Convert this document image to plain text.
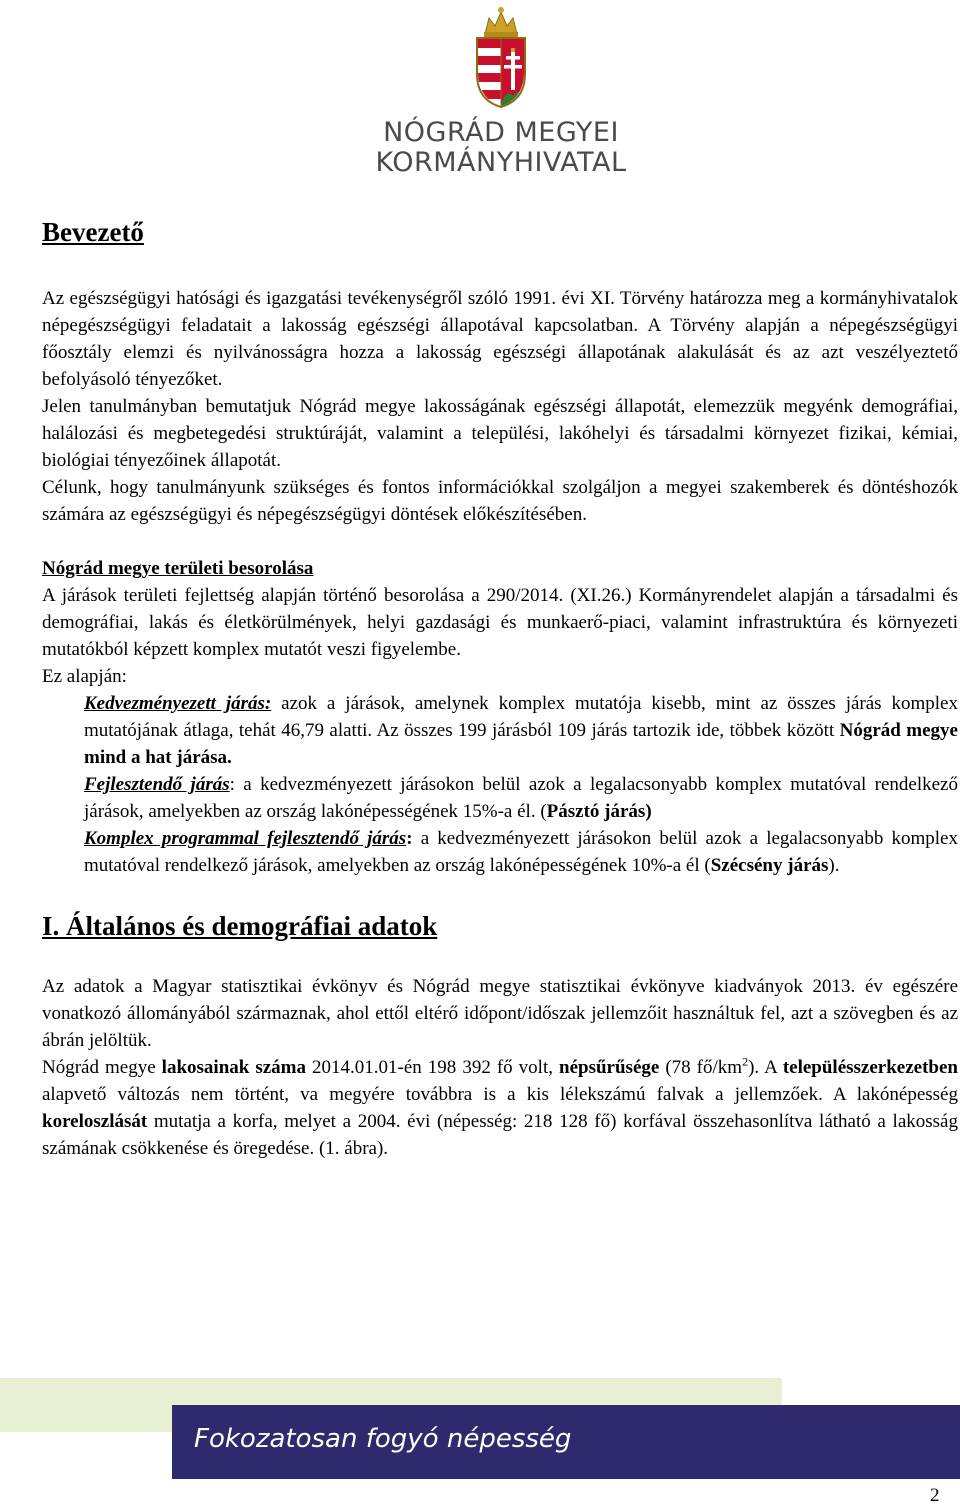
NÓGRÁD MEGYEI
KORMÁNYHIVATAL
Bevezető

Az egészségügyi hatósági és igazgatási tevékenységről szóló 1991. évi XI. Törvény határozza meg a kormányhivatalok népegészségügyi feladatait a lakosság egészségi állapotával kapcsolatban. A Törvény alapján a népegészségügyi főosztály elemzi és nyilvánosságra hozza a lakosság egészségi állapotának alakulását és az azt veszélyeztető befolyásoló tényezőket.

Jelen tanulmányban bemutatjuk Nógrád megye lakosságának egészségi állapotát, elemezzük megyénk demográfiai, halálozási és megbetegedési struktúráját, valamint a települési, lakóhelyi és társadalmi környezet fizikai, kémiai, biológiai tényezőinek állapotát.

Célunk, hogy tanulmányunk szükséges és fontos információkkal szolgáljon a megyei szakemberek és döntéshozók számára az egészségügyi és népegészségügyi döntések előkészítésében.

Nógrád megye területi besorolása

A járások területi fejlettség alapján történő besorolása a 290/2014. (XI.26.) Kormányrendelet alapján a társadalmi és demográfiai, lakás és életkörülmények, helyi gazdasági és munkaerő-piaci, valamint infrastruktúra és környezeti mutatókból képzett komplex mutatót veszi figyelembe.

Ez alapján:

Kedvezményezett járás: azok a járások, amelynek komplex mutatója kisebb, mint az összes járás komplex mutatójának átlaga, tehát 46,79 alatti. Az összes 199 járásból 109 járás tartozik ide, többek között Nógrád megye mind a hat járása.

Fejlesztendő járás: a kedvezményezett járásokon belül azok a legalacsonyabb komplex mutatóval rendelkező járások, amelyekben az ország lakónépességének 15%-a él. (Pásztó járás)

Komplex programmal fejlesztendő járás: a kedvezményezett járásokon belül azok a legalacsonyabb komplex mutatóval rendelkező járások, amelyekben az ország lakónépességének 10%-a él (Szécsény járás).

I. Általános és demográfiai adatok

Az adatok a Magyar statisztikai évkönyv és Nógrád megye statisztikai évkönyve kiadványok 2013. év egészére vonatkozó állományából származnak, ahol ettől eltérő időpont/időszak jellemzőit használtuk fel, azt a szövegben és az ábrán jelöltük.

Nógrád megye lakosainak száma 2014.01.01-én 198 392 fő volt, népsűrűsége (78 $fő/km^2$). A településszerkezetben alapvető változás nem történt, va megyére továbbra is a kis lélekszámú falvak a jellemzőek. A lakónépesség koreloszlását mutatja a korfa, melyet a 2004. évi (népesség: 218 128 fő) korfával összehasonlítva látható a lakosság számának csökkenése és öregedése. (1. ábra).

Fokozatosan fogyó népesség
2
